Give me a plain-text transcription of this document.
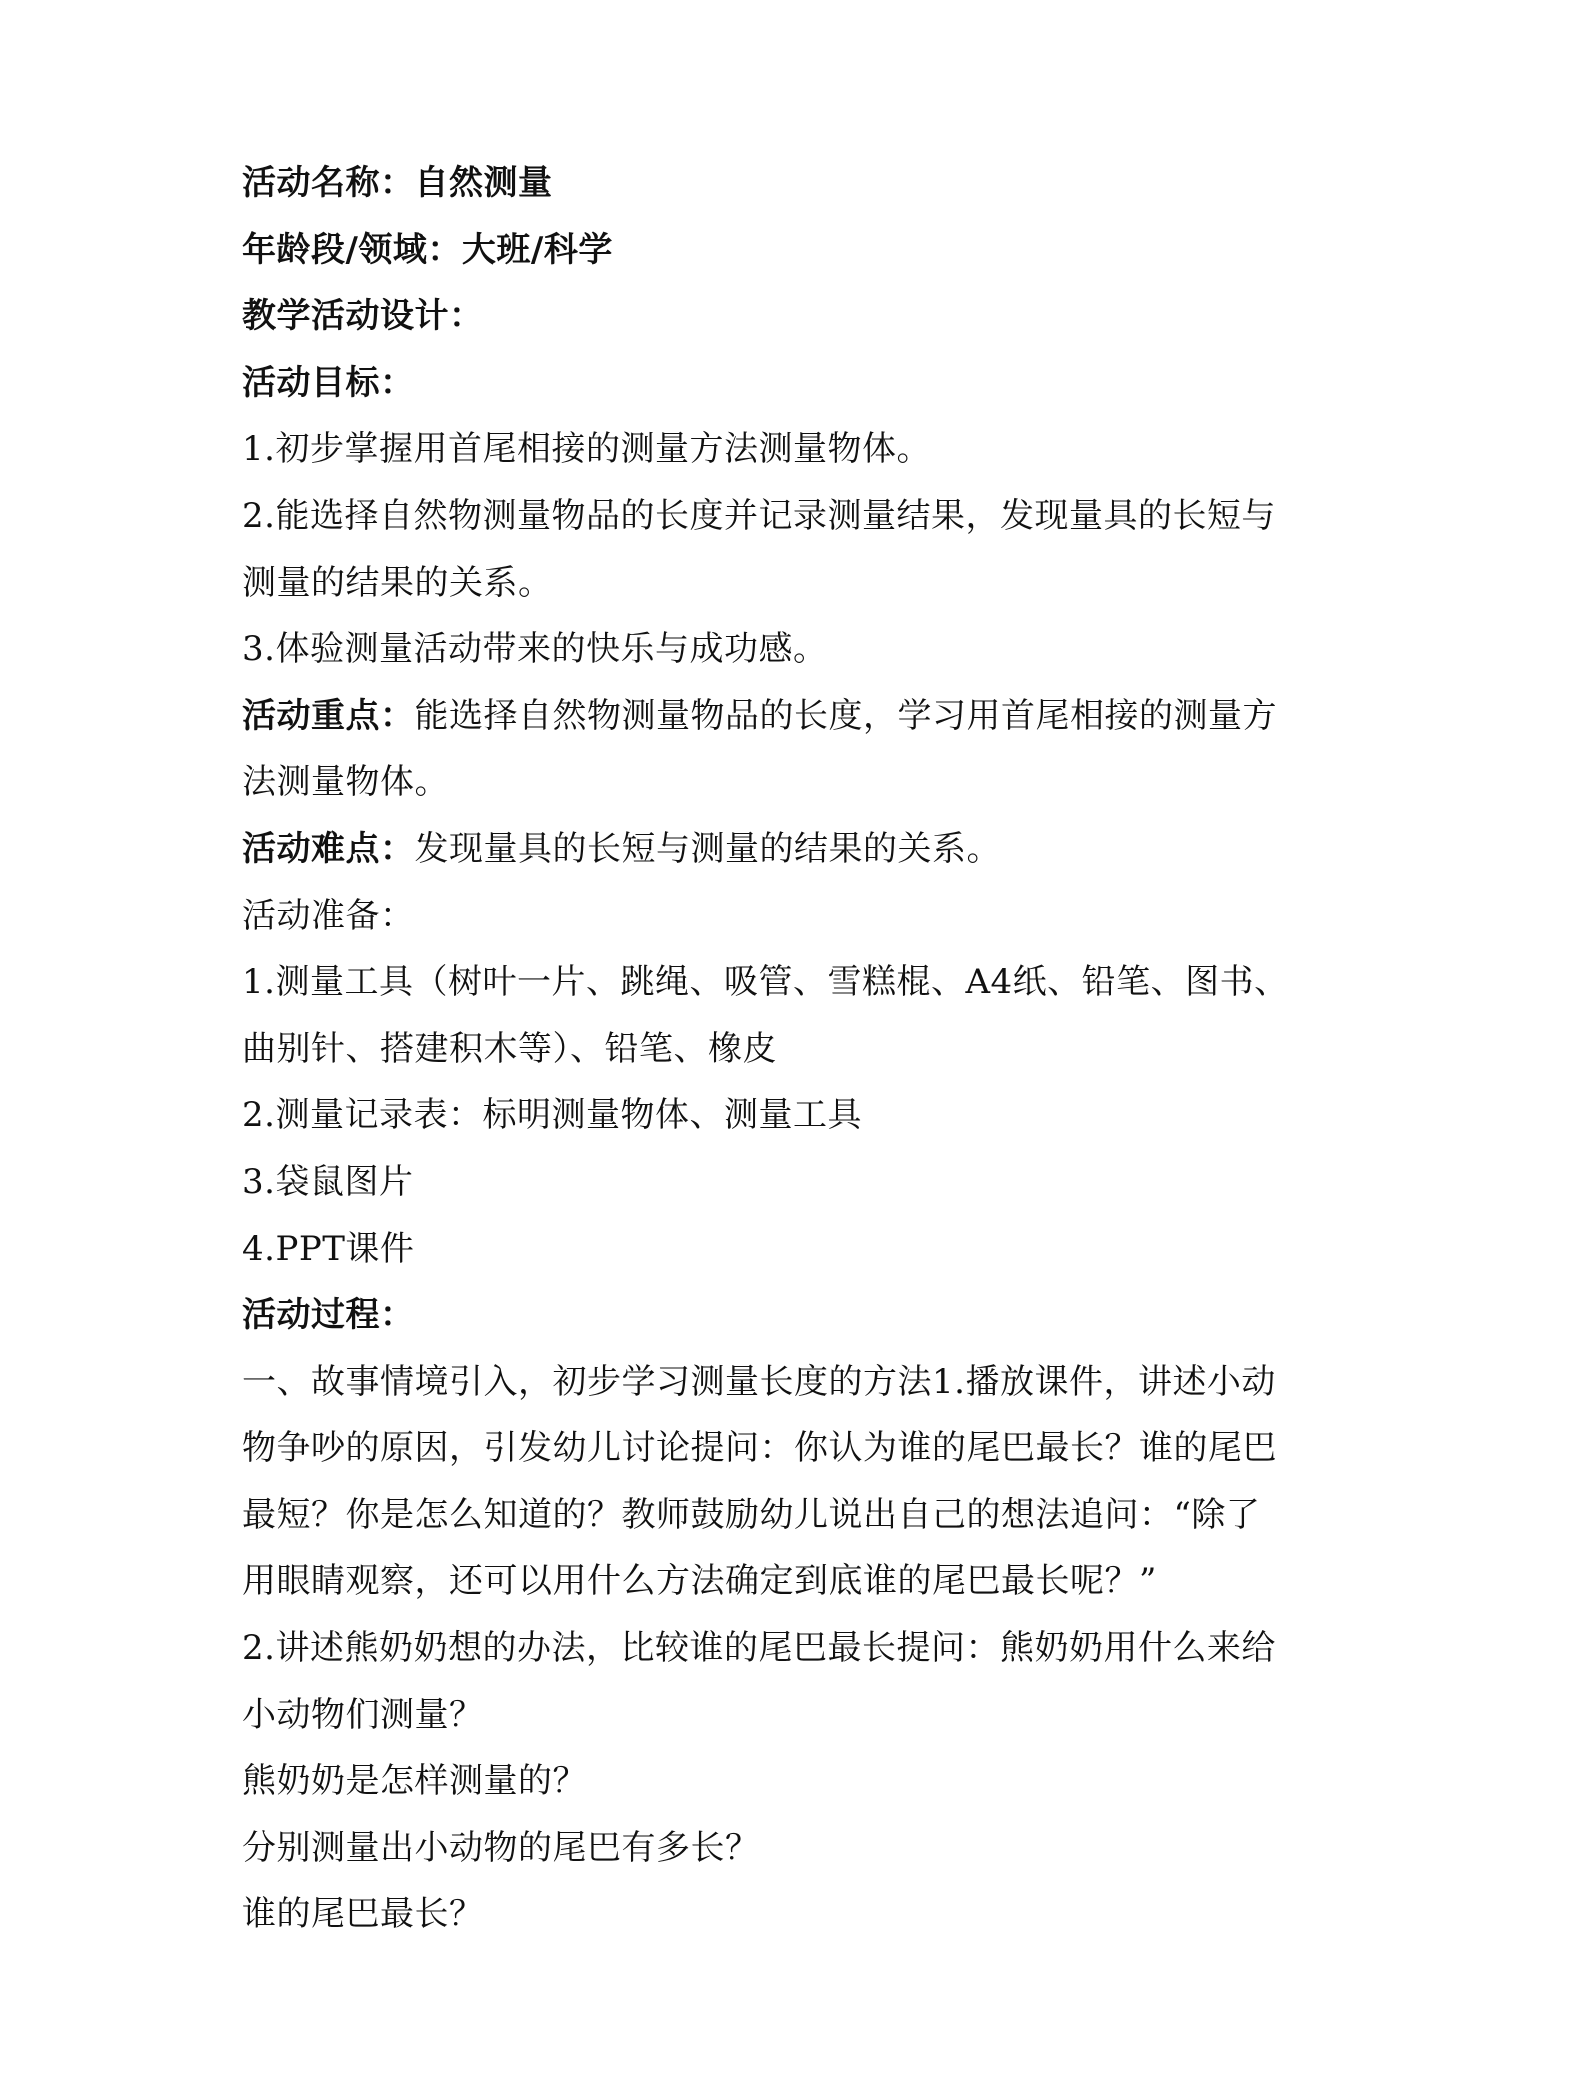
活动名称：自然测量
年龄段/领域：大班/科学
教学活动设计：
活动目标：
1.初步掌握用首尾相接的测量方法测量物体。
2.能选择自然物测量物品的长度并记录测量结果，发现量具的长短与
测量的结果的关系。
3.体验测量活动带来的快乐与成功感。
活动重点：能选择自然物测量物品的长度，学习用首尾相接的测量方
法测量物体。
活动难点：发现量具的长短与测量的结果的关系。
活动准备：
1.测量工具（树叶一片、跳绳、吸管、雪糕棍、A4纸、铅笔、图书、
曲别针、搭建积木等）、铅笔、橡皮
2.测量记录表：标明测量物体、测量工具
3.袋鼠图片
4.PPT课件
活动过程：
一、故事情境引入，初步学习测量长度的方法1.播放课件，讲述小动
物争吵的原因，引发幼儿讨论提问：你认为谁的尾巴最长？谁的尾巴
最短？你是怎么知道的？教师鼓励幼儿说出自己的想法追问：“除了
用眼睛观察，还可以用什么方法确定到底谁的尾巴最长呢？”
2.讲述熊奶奶想的办法，比较谁的尾巴最长提问：熊奶奶用什么来给
小动物们测量？
熊奶奶是怎样测量的？
分别测量出小动物的尾巴有多长？
谁的尾巴最长？
